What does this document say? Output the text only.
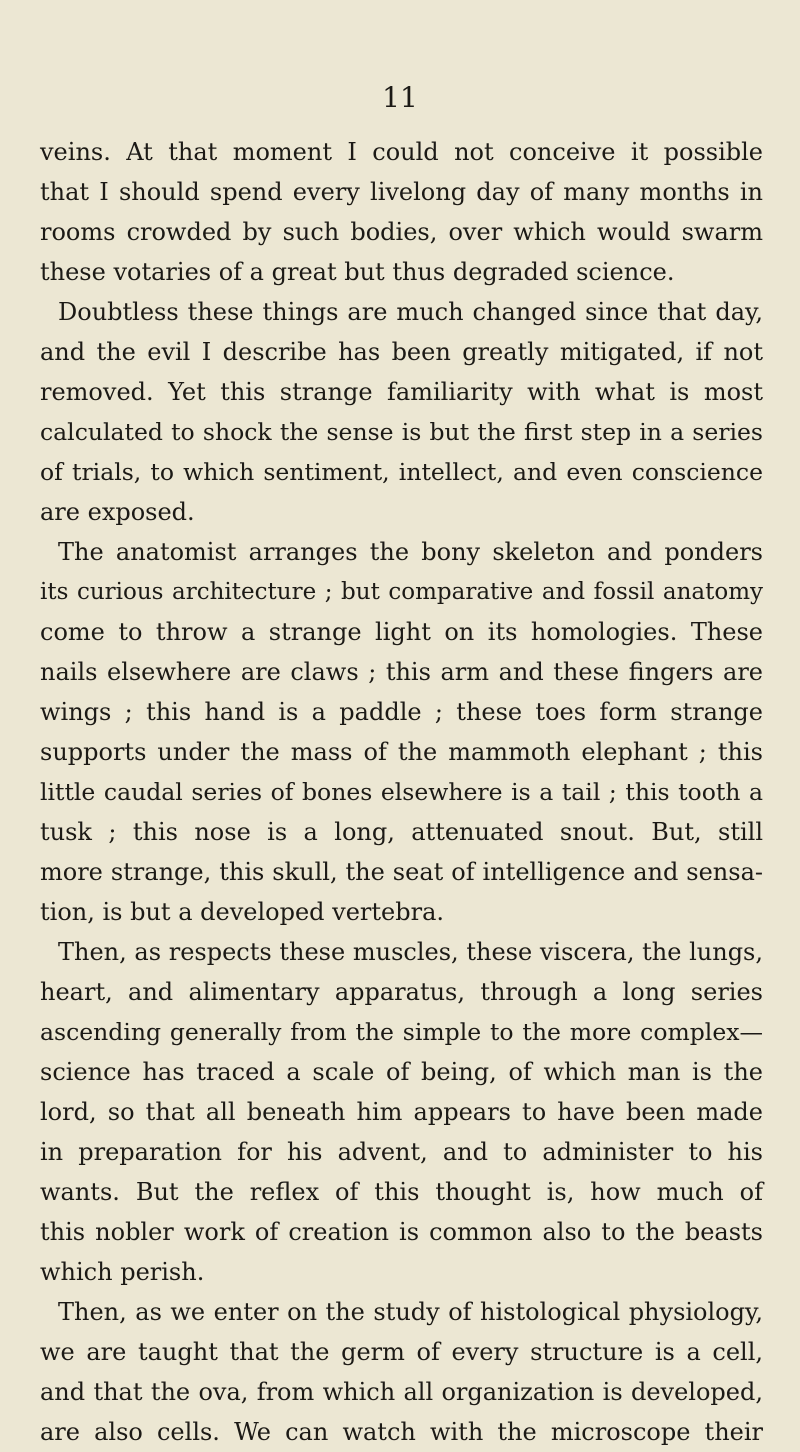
11
veins. At that moment I could not conceive it possible
that I should spend every livelong day of many months in
rooms crowded by such bodies, over which would swarm
these votaries of a great but thus degraded science.
Doubtless these things are much changed since that day,
and the evil I describe has been greatly mitigated, if not
removed. Yet this strange familiarity with what is most
calculated to shock the sense is but the first step in a series
of trials, to which sentiment, intellect, and even conscience
are exposed.
The anatomist arranges the bony skeleton and ponders
its curious architecture ; but comparative and fossil anatomy
come to throw a strange light on its homologies. These
nails elsewhere are claws ; this arm and these fingers are
wings ; this hand is a paddle ; these toes form strange
supports under the mass of the mammoth elephant ; this
little caudal series of bones elsewhere is a tail ; this tooth a
tusk ; this nose is a long, attenuated snout. But, still
more strange, this skull, the seat of intelligence and sensa-
tion, is but a developed vertebra.
Then, as respects these muscles, these viscera, the lungs,
heart, and alimentary apparatus, through a long series
ascending generally from the simple to the more complex—
science has traced a scale of being, of which man is the
lord, so that all beneath him appears to have been made
in preparation for his advent, and to administer to his
wants. But the reflex of this thought is, how much of
this nobler work of creation is common also to the beasts
which perish.
Then, as we enter on the study of histological physiology,
we are taught that the germ of every structure is a cell,
and that the ova, from which all organization is developed,
are also cells. We can watch with the microscope their
